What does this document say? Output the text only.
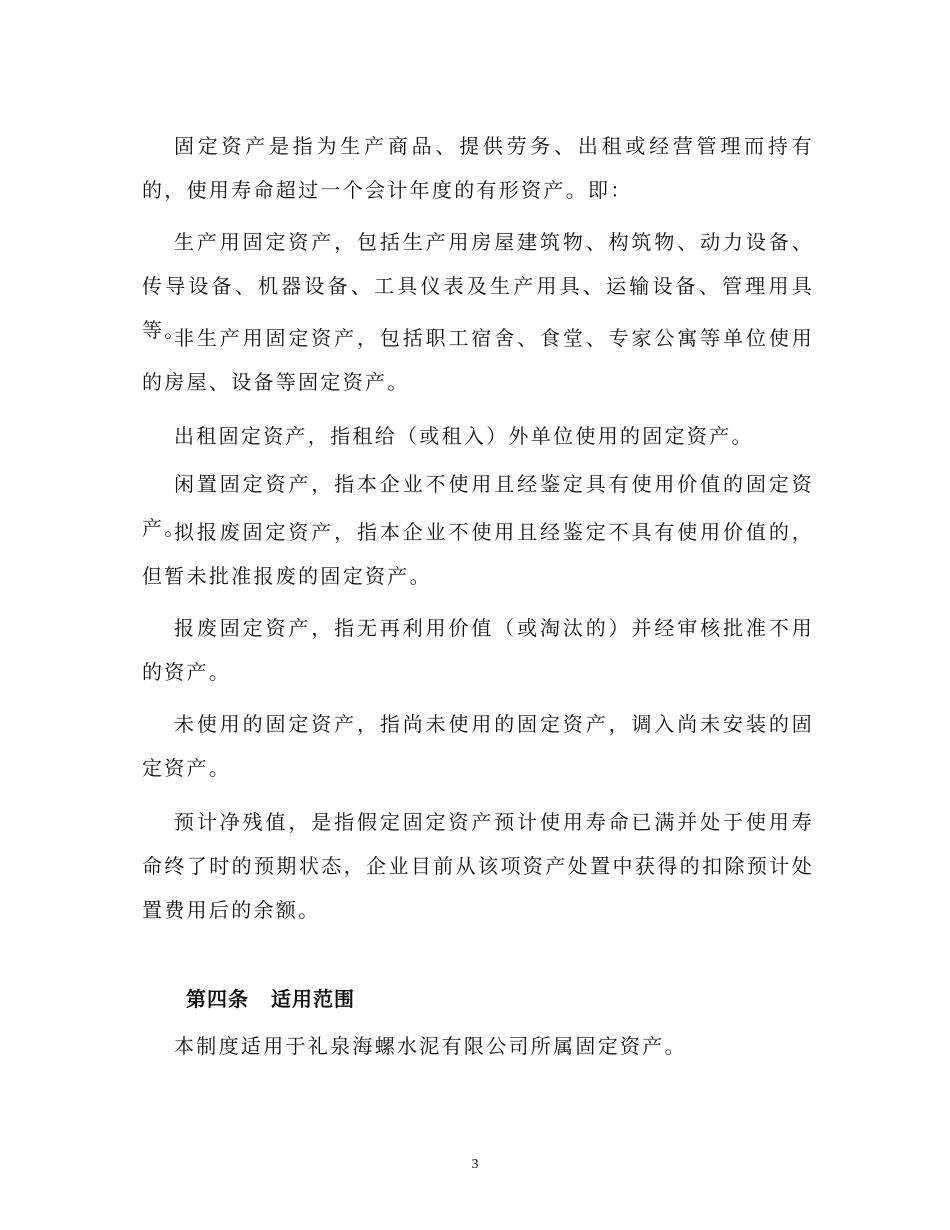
固定资产是指为生产商品、提供劳务、出租或经营管理而持有的，使用寿命超过一个会计年度的有形资产。即：

生产用固定资产，包括生产用房屋建筑物、构筑物、动力设备、传导设备、机器设备、工具仪表及生产用具、运输设备、管理用具等。

非生产用固定资产，包括职工宿舍、食堂、专家公寓等单位使用的房屋、设备等固定资产。

出租固定资产，指租给（或租入）外单位使用的固定资产。

闲置固定资产，指本企业不使用且经鉴定具有使用价值的固定资产。

拟报废固定资产，指本企业不使用且经鉴定不具有使用价值的，但暂未批准报废的固定资产。

报废固定资产，指无再利用价值（或淘汰的）并经审核批准不用的资产。

未使用的固定资产，指尚未使用的固定资产，调入尚未安装的固定资产。

预计净残值，是指假定固定资产预计使用寿命已满并处于使用寿命终了时的预期状态，企业目前从该项资产处置中获得的扣除预计处置费用后的余额。

第四条 适用范围

本制度适用于礼泉海螺水泥有限公司所属固定资产。

3
